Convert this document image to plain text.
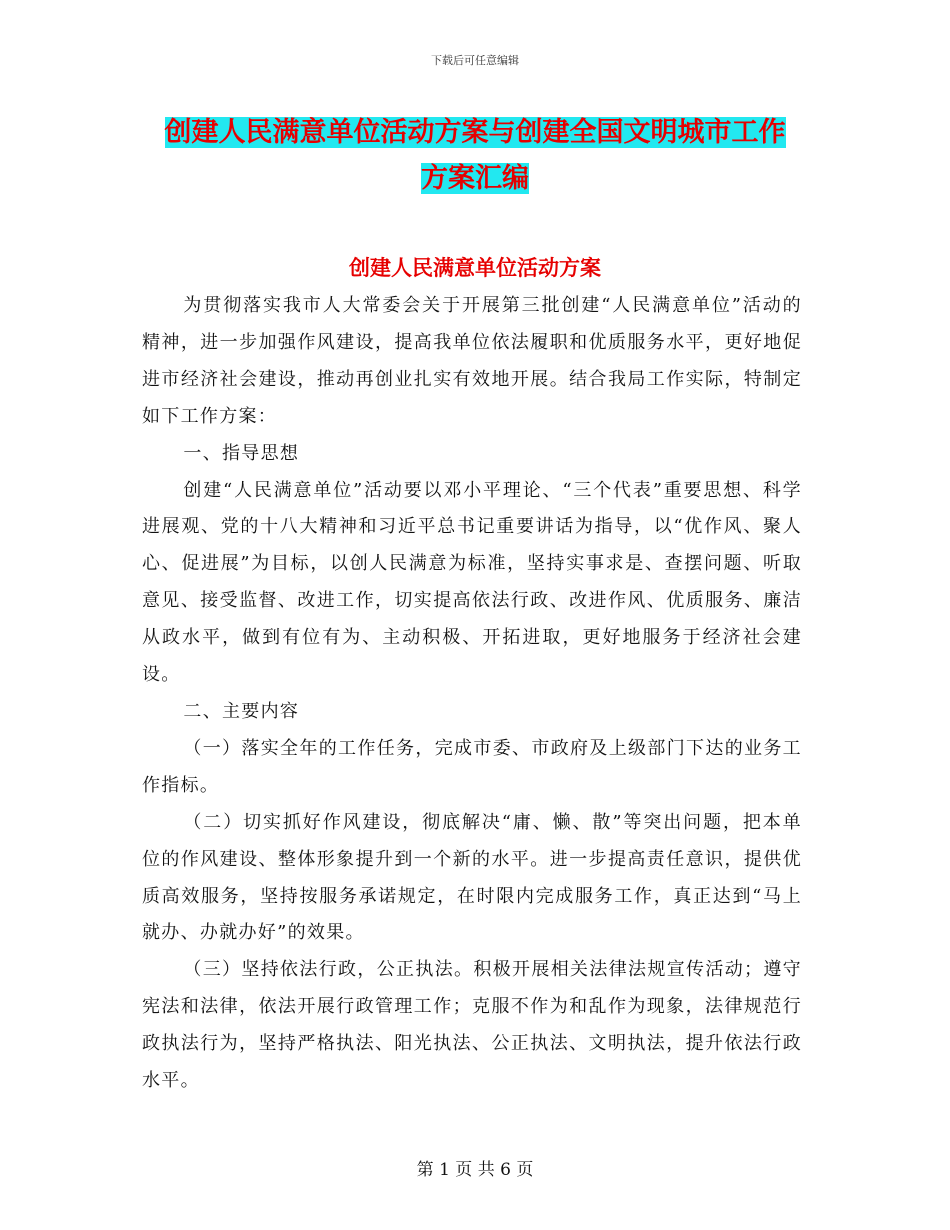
下载后可任意编辑
创建人民满意单位活动方案与创建全国文明城市工作
方案汇编
创建人民满意单位活动方案

为贯彻落实我市人大常委会关于开展第三批创建“人民满意单位”活动的精神，进一步加强作风建设，提高我单位依法履职和优质服务水平，更好地促进市经济社会建设，推动再创业扎实有效地开展。结合我局工作实际，特制定如下工作方案：

一、指导思想

创建“人民满意单位”活动要以邓小平理论、“三个代表”重要思想、科学进展观、党的十八大精神和习近平总书记重要讲话为指导，以“优作风、聚人心、促进展”为目标，以创人民满意为标准，坚持实事求是、查摆问题、听取意见、接受监督、改进工作，切实提高依法行政、改进作风、优质服务、廉洁从政水平，做到有位有为、主动积极、开拓进取，更好地服务于经济社会建设。

二、主要内容

（一）落实全年的工作任务，完成市委、市政府及上级部门下达的业务工作指标。

（二）切实抓好作风建设，彻底解决“庸、懒、散”等突出问题，把本单位的作风建设、整体形象提升到一个新的水平。进一步提高责任意识，提供优质高效服务，坚持按服务承诺规定，在时限内完成服务工作，真正达到“马上就办、办就办好”的效果。

（三）坚持依法行政，公正执法。积极开展相关法律法规宣传活动；遵守宪法和法律，依法开展行政管理工作；克服不作为和乱作为现象，法律规范行政执法行为，坚持严格执法、阳光执法、公正执法、文明执法，提升依法行政水平。

第 1 页 共 6 页
